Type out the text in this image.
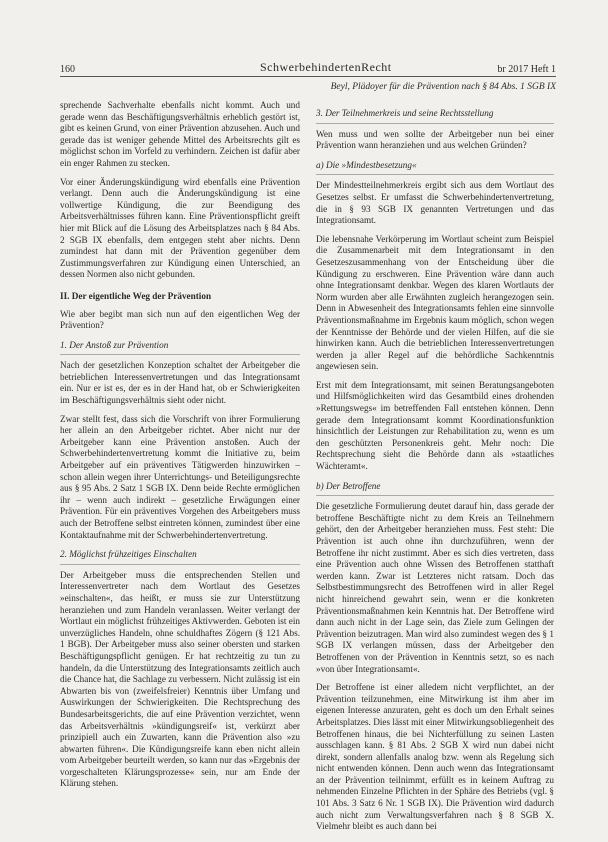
160	SchwerbehindertenRecht	br 2017 Heft 1
Beyl, Plädoyer für die Prävention nach § 84 Abs. 1 SGB IX

sprechende Sachverhalte ebenfalls nicht kommt. Auch und gerade wenn das Beschäftigungsverhältnis erheblich gestört ist, gibt es keinen Grund, von einer Prävention abzusehen. Auch und gerade das ist weniger gehende Mittel des Arbeitsrechts gilt es möglichst schon im Vorfeld zu verhindern. Zeichen ist dafür aber ein enger Rahmen zu stecken.

Vor einer Änderungskündigung wird ebenfalls eine Prävention verlangt. Denn auch die Änderungskündigung ist eine vollwertige Kündigung, die zur Beendigung des Arbeitsverhältnisses führen kann. Eine Präventionspflicht greift hier mit Blick auf die Lösung des Arbeitsplatzes nach § 84 Abs. 2 SGB IX ebenfalls, dem entgegen steht aber nichts. Denn zumindest hat dann mit der Prävention gegenüber dem Zustimmungsverfahren zur Kündigung einen Unterschied, an dessen Normen also nicht gebunden.

II. Der eigentliche Weg der Prävention

Wie aber begibt man sich nun auf den eigentlichen Weg der Prävention?

1. Der Anstoß zur Prävention

Nach der gesetzlichen Konzeption schaltet der Arbeitgeber die betrieblichen Interessenvertretungen und das Integrationsamt ein. Nur er ist es, der es in der Hand hat, ob er Schwierigkeiten im Beschäftigungsverhältnis sieht oder nicht.

Zwar stellt fest, dass sich die Vorschrift von ihrer Formulierung her allein an den Arbeitgeber richtet. Aber nicht nur der Arbeitgeber kann eine Prävention anstoßen. Auch der Schwerbehindertenvertretung kommt die Initiative zu, beim Arbeitgeber auf ein präventives Tätigwerden hinzuwirken – schon allein wegen ihrer Unterrichtungs- und Beteiligungsrechte aus § 95 Abs. 2 Satz 1 SGB IX. Denn beide Rechte ermöglichen ihr – wenn auch indirekt – gesetzliche Erwägungen einer Prävention. Für ein präventives Vorgehen des Arbeitgebers muss auch der Betroffene selbst eintreten können, zumindest über eine Kontaktaufnahme mit der Schwerbehindertenvertretung.

2. Möglichst frühzeitiges Einschalten

Der Arbeitgeber muss die entsprechenden Stellen und Interessenvertreter nach dem Wortlaut des Gesetzes »einschalten«, das heißt, er muss sie zur Unterstützung heranziehen und zum Handeln veranlassen. Weiter verlangt der Wortlaut ein möglichst frühzeitiges Aktivwerden. Geboten ist ein unverzügliches Handeln, ohne schuldhaftes Zögern (§ 121 Abs. 1 BGB). Der Arbeitgeber muss also seiner obersten und starken Beschäftigungspflicht genügen. Er hat rechtzeitig zu tun zu handeln, da die Unterstützung des Integrationsamts zeitlich auch die Chance hat, die Sachlage zu verbessern. Nicht zulässig ist ein Abwarten bis von (zweifelsfreier) Kenntnis über Umfang und Auswirkungen der Schwierigkeiten. Die Rechtsprechung des Bundesarbeitsgerichts, die auf eine Prävention verzichtet, wenn das Arbeitsverhältnis »kündigungsreif« ist, verkürzt aber prinzipiell auch ein Zuwarten, kann die Prävention also »zu abwarten führen«. Die Kündigungsreife kann eben nicht allein vom Arbeitgeber beurteilt werden, so kann nur das »Ergebnis der vorgeschalteten Klärungsprozesse« sein, nur am Ende der Klärung stehen.

3. Der Teilnehmerkreis und seine Rechtsstellung

Wen muss und wen sollte der Arbeitgeber nun bei einer Prävention wann heranziehen und aus welchen Gründen?

a) Die »Mindestbesetzung«

Der Mindestteilnehmerkreis ergibt sich aus dem Wortlaut des Gesetzes selbst. Er umfasst die Schwerbehindertenvertretung, die in § 93 SGB IX genannten Vertretungen und das Integrationsamt.

Die lebensnahe Verkörperung im Wortlaut scheint zum Beispiel die Zusammenarbeit mit dem Integrationsamt in den Gesetzeszusammenhang von der Entscheidung über die Kündigung zu erschweren. Eine Prävention wäre dann auch ohne Integrationsamt denkbar. Wegen des klaren Wortlauts der Norm wurden aber alle Erwähnten zugleich herangezogen sein. Denn in Abwesenheit des Integrationsamts fehlen eine sinnvolle Präventionsmaßnahme im Ergebnis kaum möglich, schon wegen der Kenntnisse der Behörde und der vielen Hilfen, auf die sie hinwirken kann. Auch die betrieblichen Interessenvertretungen werden ja aller Regel auf die behördliche Sachkenntnis angewiesen sein.

Erst mit dem Integrationsamt, mit seinen Beratungsangeboten und Hilfsmöglichkeiten wird das Gesamtbild eines drohenden »Rettungswegs« im betreffenden Fall entstehen können. Denn gerade dem Integrationsamt kommt Koordinationsfunktion hinsichtlich der Leistungen zur Rehabilitation zu, wenn es um den geschützten Personenkreis geht. Mehr noch: Die Rechtsprechung sieht die Behörde dann als »staatliches Wächteramt«.

b) Der Betroffene

Die gesetzliche Formulierung deutet darauf hin, dass gerade der betroffene Beschäftigte nicht zu dem Kreis an Teilnehmern gehört, den der Arbeitgeber heranziehen muss. Fest steht: Die Prävention ist auch ohne ihn durchzuführen, wenn der Betroffene ihr nicht zustimmt. Aber es sich dies vertreten, dass eine Prävention auch ohne Wissen des Betroffenen statthaft werden kann. Zwar ist Letzteres nicht ratsam. Doch das Selbstbestimmungsrecht des Betroffenen wird in aller Regel nicht hinreichend gewahrt sein, wenn er die konkreten Präventionsmaßnahmen kein Kenntnis hat. Der Betroffene wird dann auch nicht in der Lage sein, das Ziele zum Gelingen der Prävention beizutragen. Man wird also zumindest wegen des § 1 SGB IX verlangen müssen, dass der Arbeitgeber den Betroffenen von der Prävention in Kenntnis setzt, so es nach »von über Integrationsamt«.

Der Betroffene ist einer alledem nicht verpflichtet, an der Prävention teilzunehmen, eine Mitwirkung ist ihm aber im eigenen Interesse anzuraten, geht es doch um den Erhalt seines Arbeitsplatzes. Dies lässt mit einer Mitwirkungsobliegenheit des Betroffenen hinaus, die bei Nichterfüllung zu seinen Lasten ausschlagen kann. § 81 Abs. 2 SGB X wird nun dabei nicht direkt, sondern allenfalls analog bzw. wenn als Regelung sich nicht entwenden können. Denn auch wenn das Integrationsamt an der Prävention teilnimmt, erfüllt es in keinem Auftrag zu nehmenden Einzelne Pflichten in der Sphäre des Betriebs (vgl. § 101 Abs. 3 Satz 6 Nr. 1 SGB IX). Die Prävention wird dadurch auch nicht zum Verwaltungsverfahren nach § 8 SGB X. Vielmehr bleibt es auch dann bei
